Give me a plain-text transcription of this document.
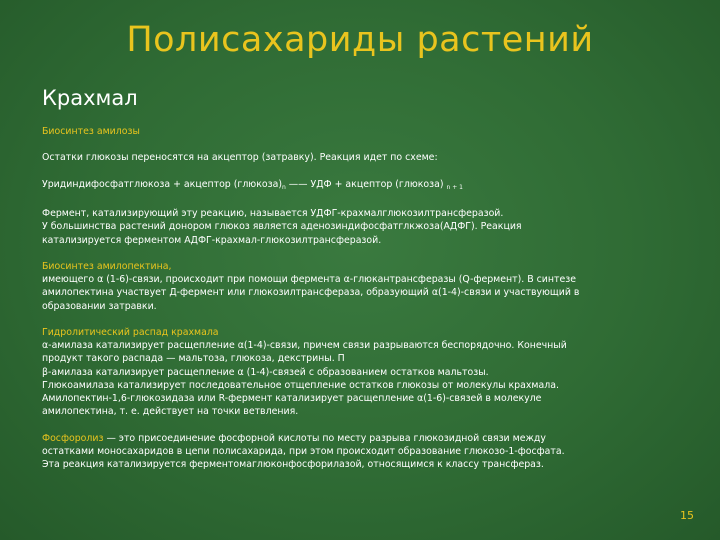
Полисахариды растений
Крахмал
Биосинтез амилозы
Остатки глюкозы переносятся на акцептор (затравку). Реакция идет по схеме:
Уридиндифосфатглюкоза + акцептор $(глюкоза)_n$ —— УДФ + акцептор (глюкоза) $_{n + 1}$
Фермент, катализирующий эту реакцию, называется УДФГ-крахмалглюкозилтрансферазой.
У большинства растений донором глюкоз является аденозиндифосфатглкжоза(АДФГ). Реакция
катализируется ферментом АДФГ-крахмал-глюкозилтрансферазой.
Биосинтез амилопектина,
имеющего α (1-6)-связи, происходит при помощи фермента α-глюкантрансферазы (Q-фермент). В синтезе
амилопектина участвует Д-фермент или глюкозилтрансфераза, образующий α(1-4)-связи и участвующий в
образовании затравки.
Гидролитический распад крахмала
α-амилаза катализирует расщепление α(1-4)-связи, причем связи разрываются беспорядочно. Конечный
продукт такого распада — мальтоза, глюкоза, декстрины. П
β-амилаза катализирует расщепление α (1-4)-связей с образованием остатков мальтозы.
Глюкоамилаза катализирует последовательное отщепление остатков глюкозы от молекулы крахмала.
Амилопектин-1,6-глюкозидаза или R-фермент катализирует расщепление α(1-6)-связей в молекуле
амилопектина, т. е. действует на точки ветвления.
Фосфоролиз — это присоединение фосфорной кислоты по месту разрыва глюкозидной связи между
остатками моносахаридов в цепи полисахарида, при этом происходит образование глюкозо-1-фосфата.
Эта реакция катализируется ферментомаглюконфосфорилазой, относящимся к классу трансфераз.
15
